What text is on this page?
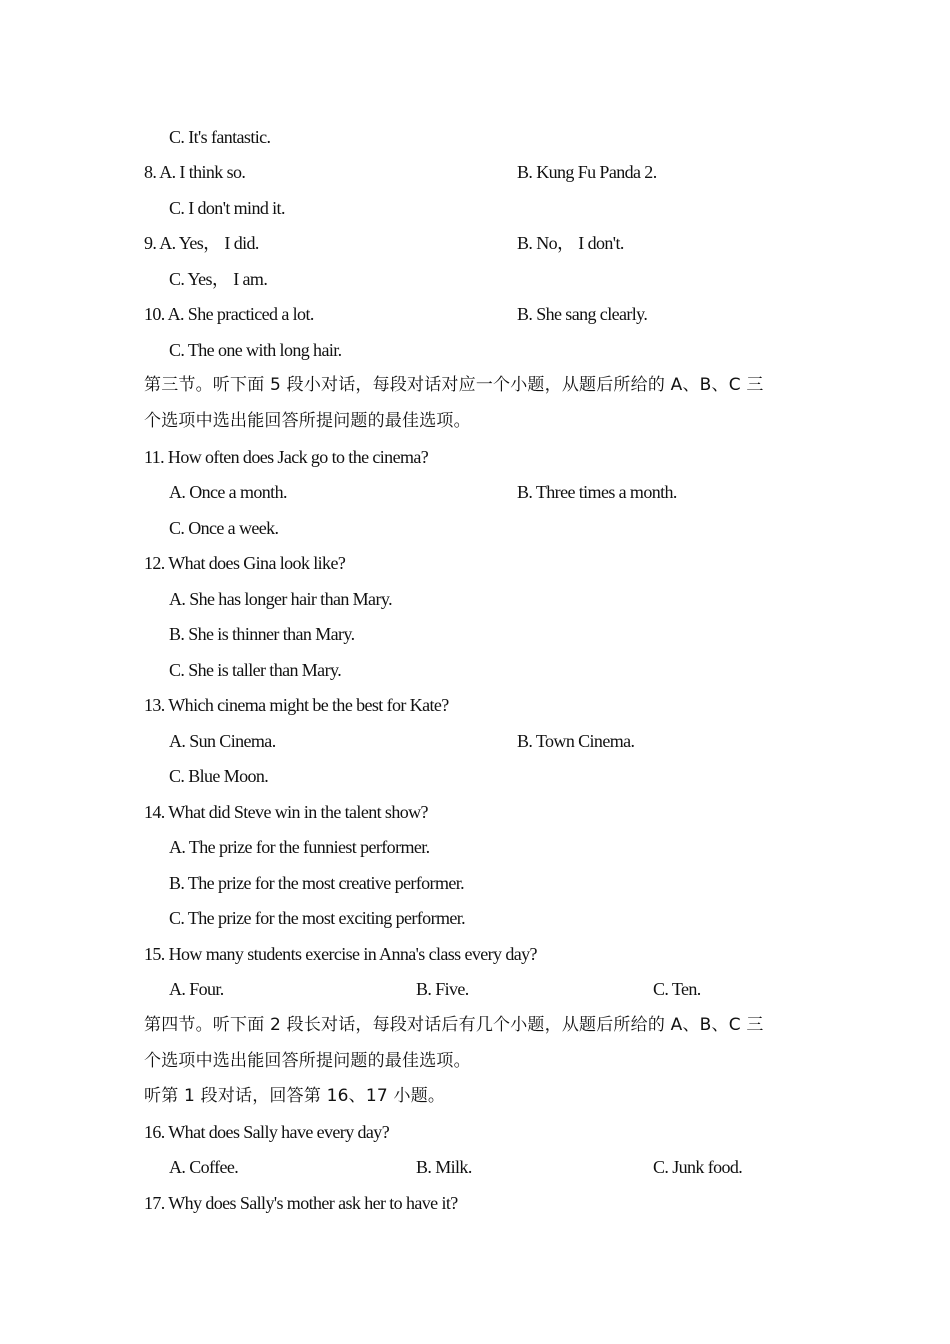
C. It's fantastic.
8. A. I think so.	B. Kung Fu Panda 2.
C. I don't mind it.
9. A. Yes， I did.	B. No， I don't.
C. Yes， I am.
10. A. She practiced a lot.	B. She sang clearly.
C. The one with long hair.
第三节。听下面 5 段小对话，每段对话对应一个小题，从题后所给的 A、B、C 三
个选项中选出能回答所提问题的最佳选项。
11. How often does Jack go to the cinema?
A. Once a month.	B. Three times a month.
C. Once a week.
12. What does Gina look like?
A. She has longer hair than Mary.
B. She is thinner than Mary.
C. She is taller than Mary.
13. Which cinema might be the best for Kate?
A. Sun Cinema.	B. Town Cinema.
C. Blue Moon.
14. What did Steve win in the talent show?
A. The prize for the funniest performer.
B. The prize for the most creative performer.
C. The prize for the most exciting performer.
15. How many students exercise in Anna's class every day?
A. Four.	B. Five.	C. Ten.
第四节。听下面 2 段长对话，每段对话后有几个小题，从题后所给的 A、B、C 三
个选项中选出能回答所提问题的最佳选项。
听第 1 段对话，回答第 16、17 小题。
16. What does Sally have every day?
A. Coffee.	B. Milk.	C. Junk food.
17. Why does Sally's mother ask her to have it?
